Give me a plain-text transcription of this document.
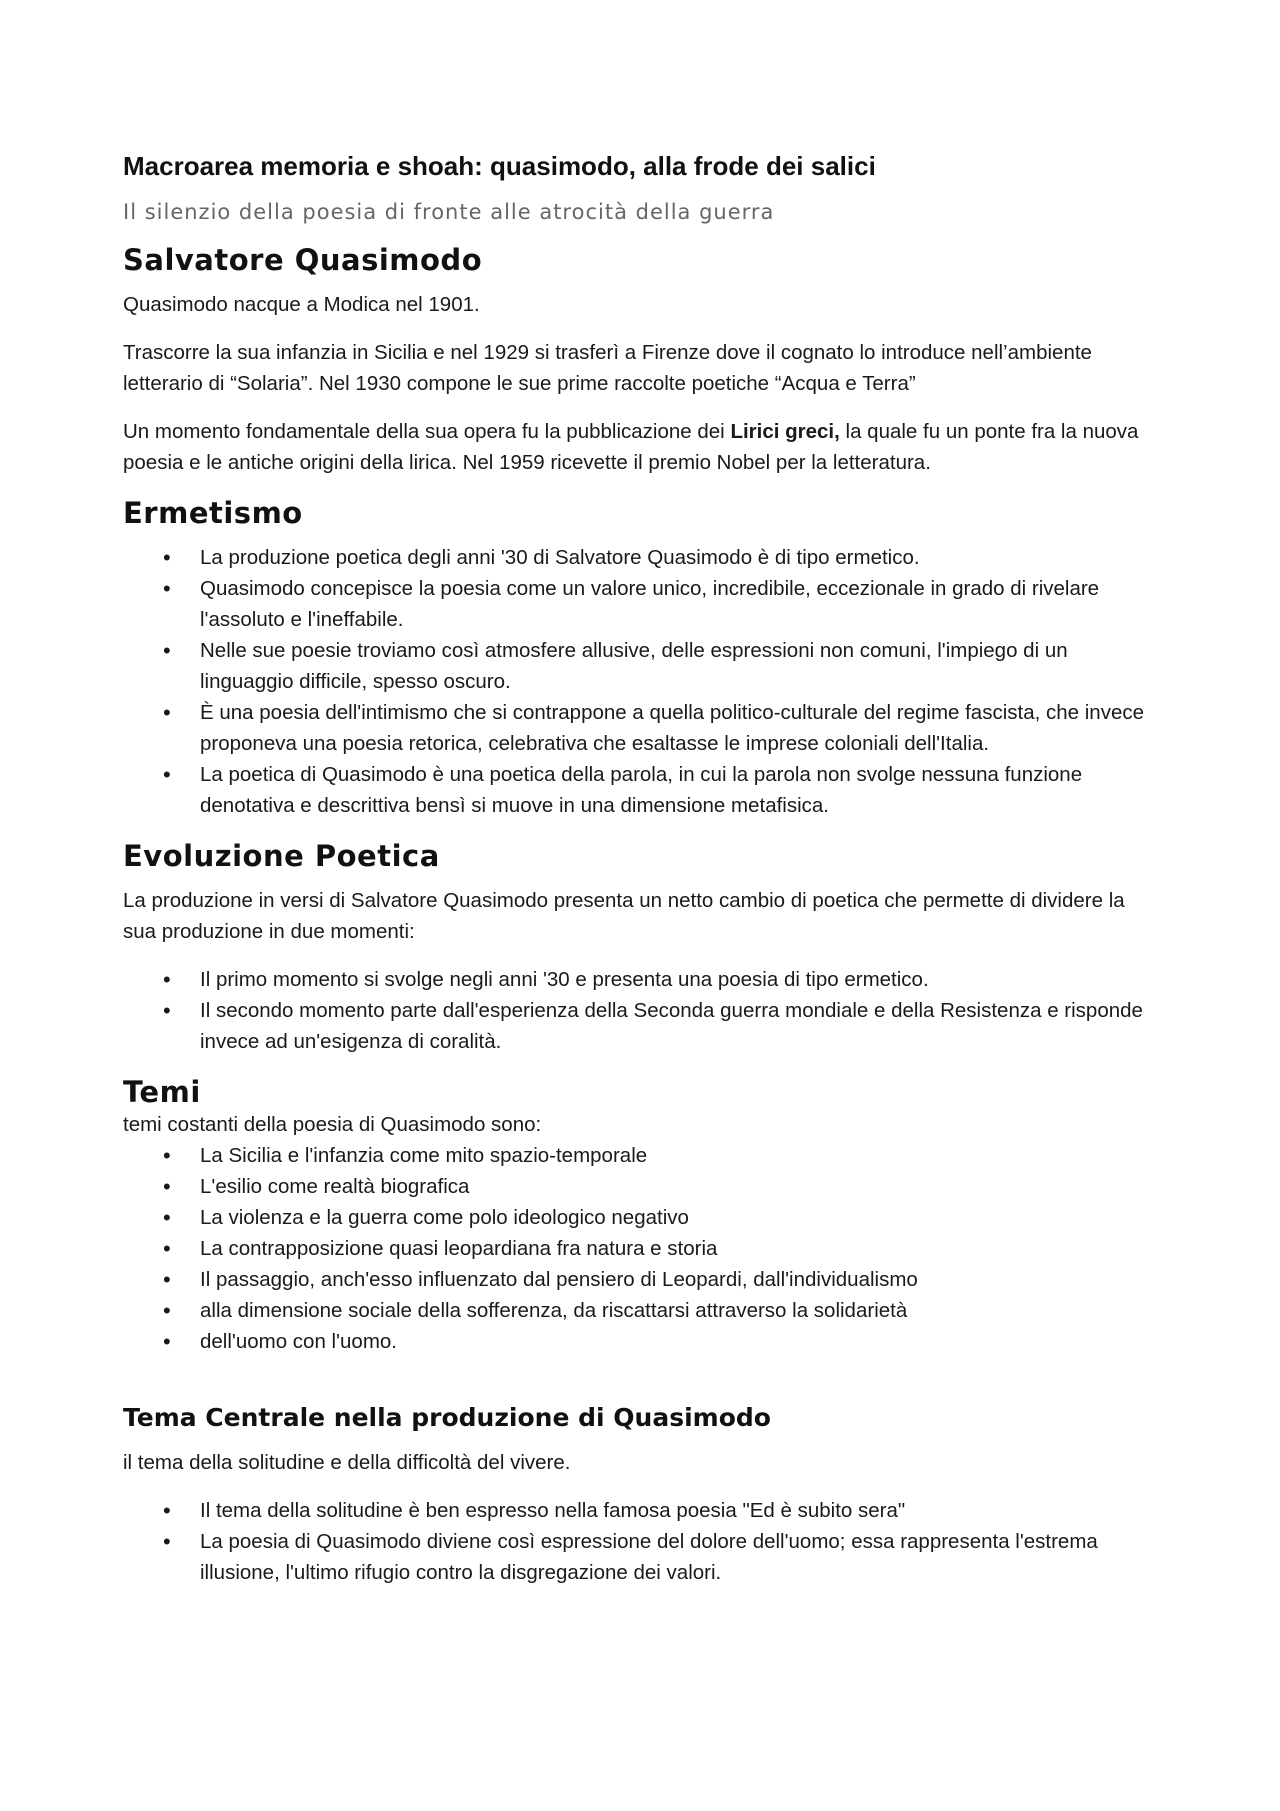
Macroarea memoria e shoah: quasimodo, alla frode dei salici

Il silenzio della poesia di fronte alle atrocità della guerra

Salvatore Quasimodo

Quasimodo nacque a Modica nel 1901.

Trascorre la sua infanzia in Sicilia e nel 1929 si trasferì a Firenze dove il cognato lo introduce nell’ambiente letterario di “Solaria”. Nel 1930 compone le sue prime raccolte poetiche “Acqua e Terra”

Un momento fondamentale della sua opera fu la pubblicazione dei Lirici greci, la quale fu un ponte fra la nuova poesia e le antiche origini della lirica. Nel 1959 ricevette il premio Nobel per la letteratura.

Ermetismo
• La produzione poetica degli anni '30 di Salvatore Quasimodo è di tipo ermetico.
• Quasimodo concepisce la poesia come un valore unico, incredibile, eccezionale in grado di rivelare l'assoluto e l'ineffabile.
• Nelle sue poesie troviamo così atmosfere allusive, delle espressioni non comuni, l'impiego di un linguaggio difficile, spesso oscuro.
• È una poesia dell'intimismo che si contrappone a quella politico-culturale del regime fascista, che invece proponeva una poesia retorica, celebrativa che esaltasse le imprese coloniali dell'Italia.
• La poetica di Quasimodo è una poetica della parola, in cui la parola non svolge nessuna funzione denotativa e descrittiva bensì si muove in una dimensione metafisica.
Evoluzione Poetica

La produzione in versi di Salvatore Quasimodo presenta un netto cambio di poetica che permette di dividere la sua produzione in due momenti:

• Il primo momento si svolge negli anni '30 e presenta una poesia di tipo ermetico.
• Il secondo momento parte dall'esperienza della Seconda guerra mondiale e della Resistenza e risponde invece ad un'esigenza di coralità.
Temi

temi costanti della poesia di Quasimodo sono:

• La Sicilia e l'infanzia come mito spazio-temporale
• L'esilio come realtà biografica
• La violenza e la guerra come polo ideologico negativo
• La contrapposizione quasi leopardiana fra natura e storia
• Il passaggio, anch'esso influenzato dal pensiero di Leopardi, dall'individualismo
• alla dimensione sociale della sofferenza, da riscattarsi attraverso la solidarietà
• dell'uomo con l'uomo.
Tema Centrale nella produzione di Quasimodo

il tema della solitudine e della difficoltà del vivere.

• Il tema della solitudine è ben espresso nella famosa poesia "Ed è subito sera"
• La poesia di Quasimodo diviene così espressione del dolore dell'uomo; essa rappresenta l'estrema illusione, l'ultimo rifugio contro la disgregazione dei valori.
